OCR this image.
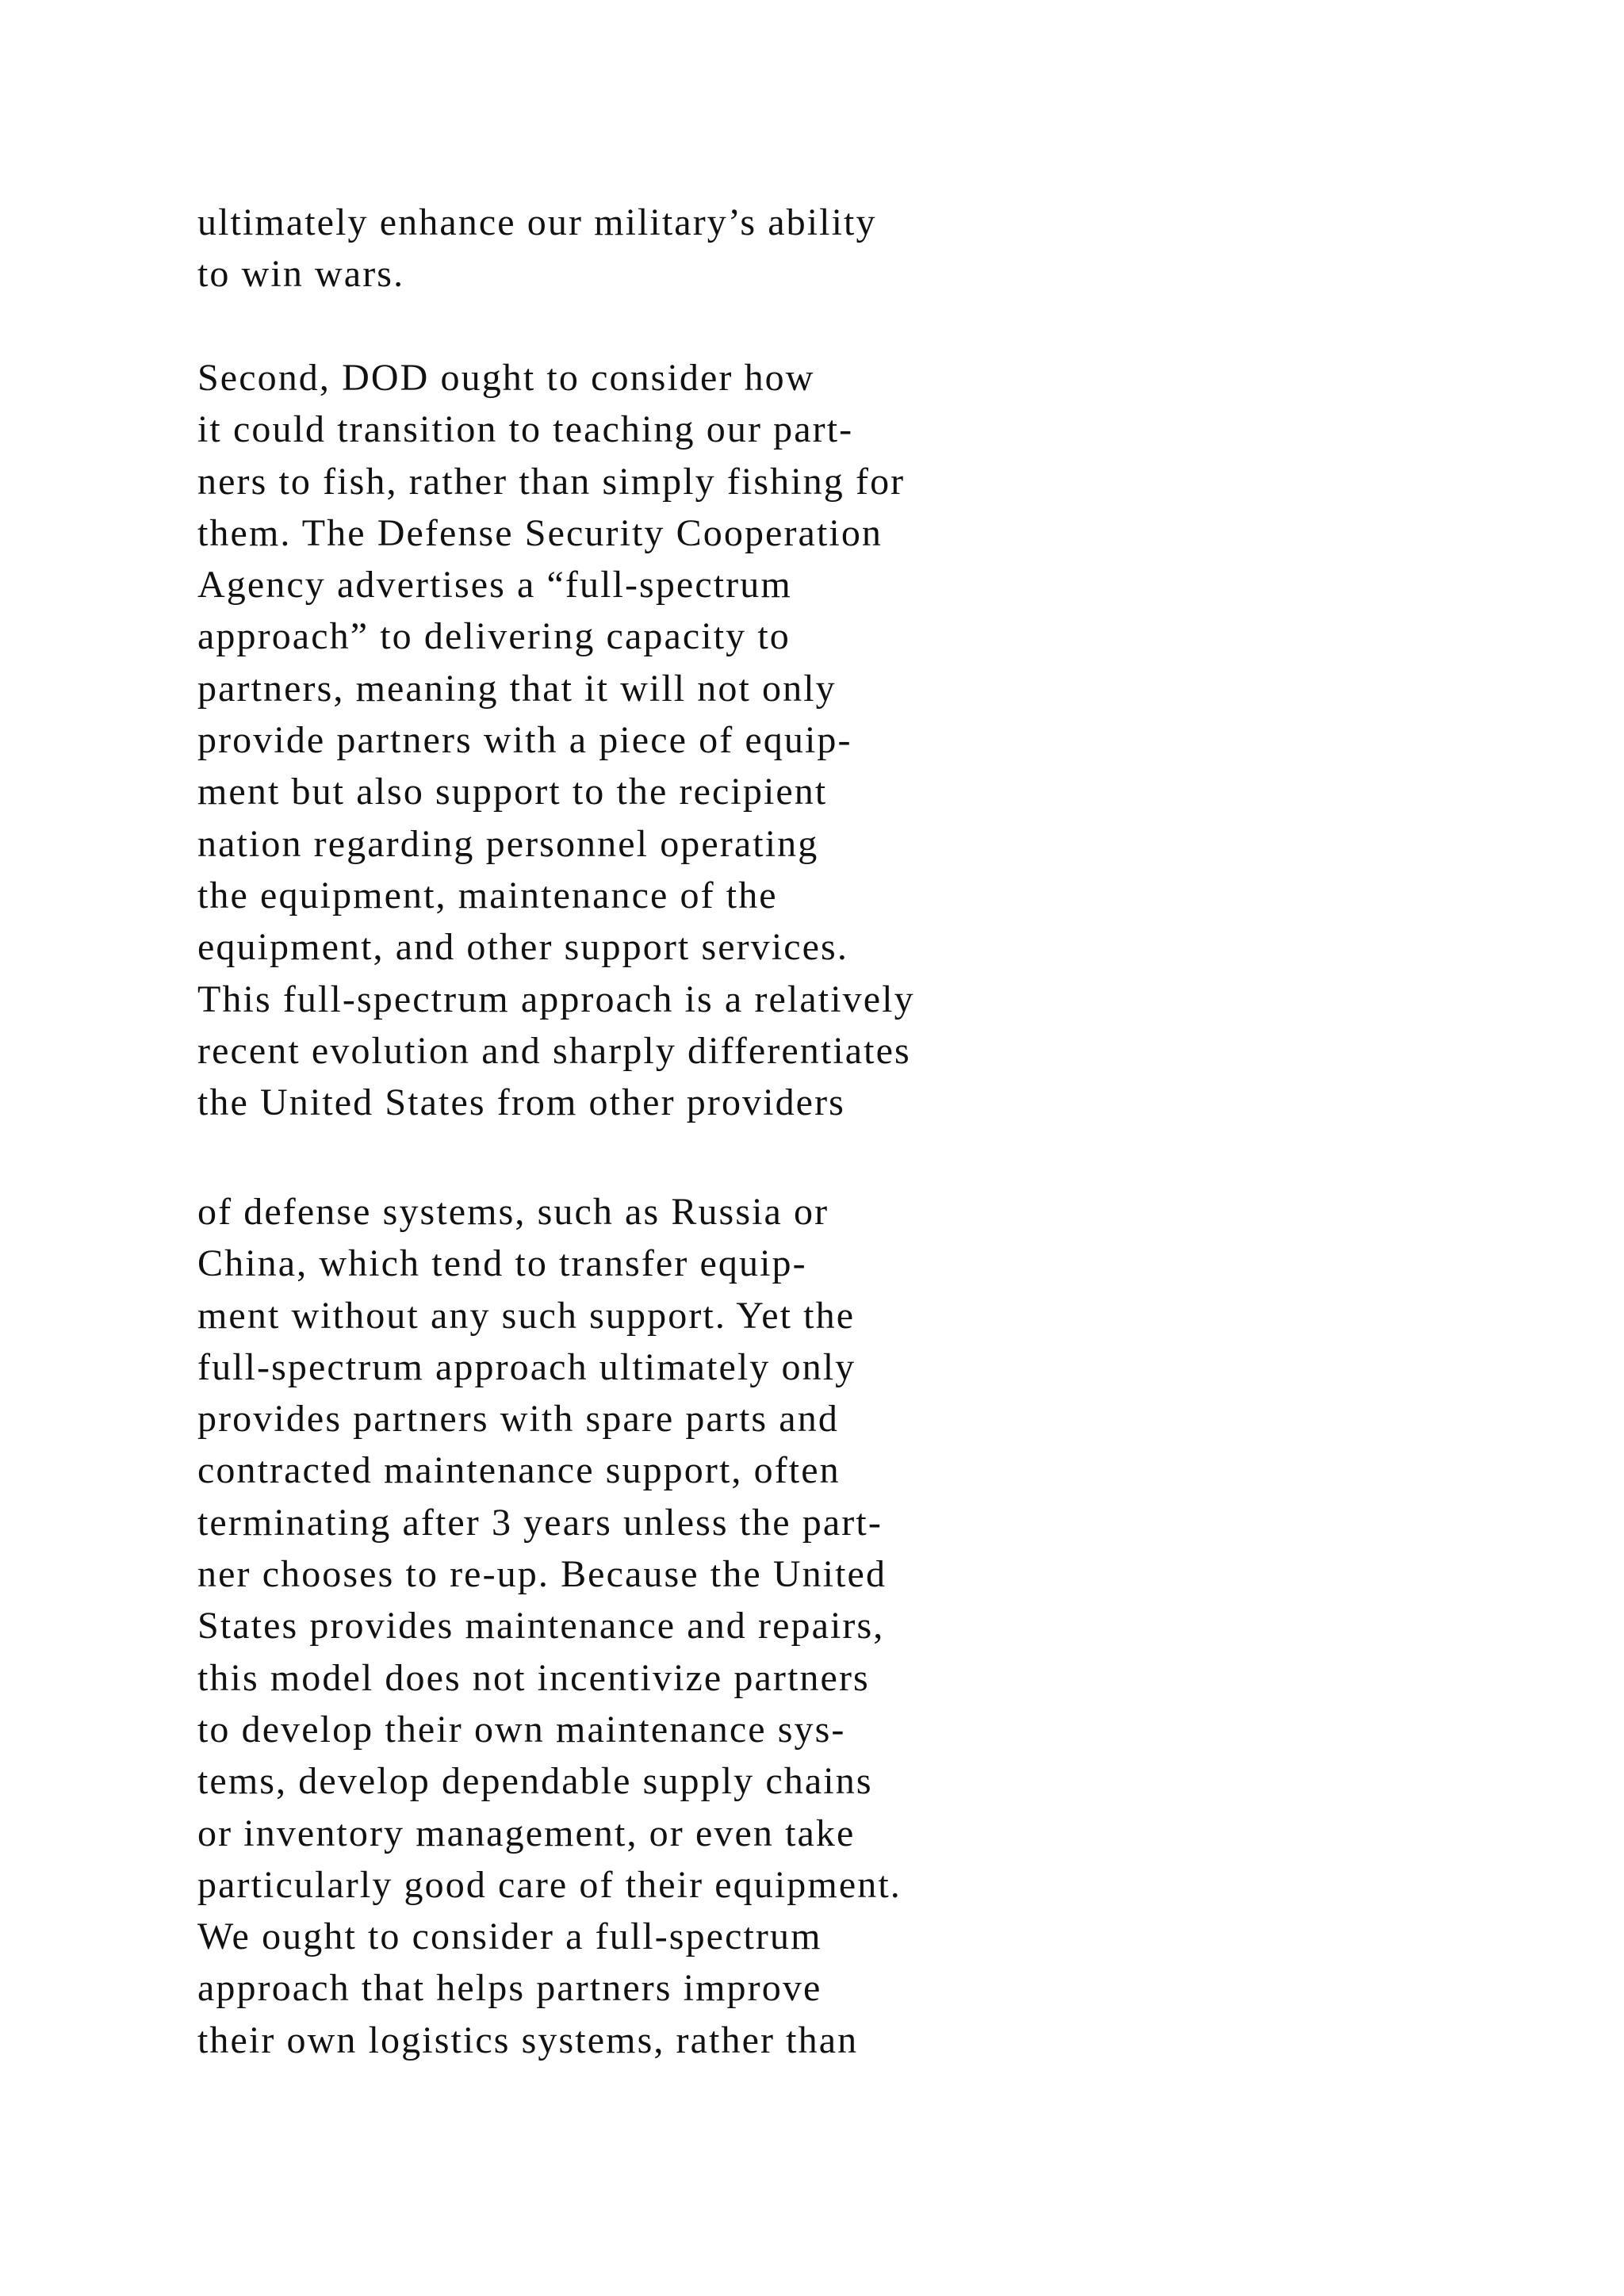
ultimately enhance our military’s ability
to win wars.
Second, DOD ought to consider how
it could transition to teaching our part-
ners to fish, rather than simply fishing for
them. The Defense Security Cooperation
Agency advertises a “full-spectrum
approach” to delivering capacity to
partners, meaning that it will not only
provide partners with a piece of equip-
ment but also support to the recipient
nation regarding personnel operating
the equipment, maintenance of the
equipment, and other support services.
This full-spectrum approach is a relatively
recent evolution and sharply differentiates
the United States from other providers
of defense systems, such as Russia or
China, which tend to transfer equip-
ment without any such support. Yet the
full-spectrum approach ultimately only
provides partners with spare parts and
contracted maintenance support, often
terminating after 3 years unless the part-
ner chooses to re-up. Because the United
States provides maintenance and repairs,
this model does not incentivize partners
to develop their own maintenance sys-
tems, develop dependable supply chains
or inventory management, or even take
particularly good care of their equipment.
We ought to consider a full-spectrum
approach that helps partners improve
their own logistics systems, rather than
